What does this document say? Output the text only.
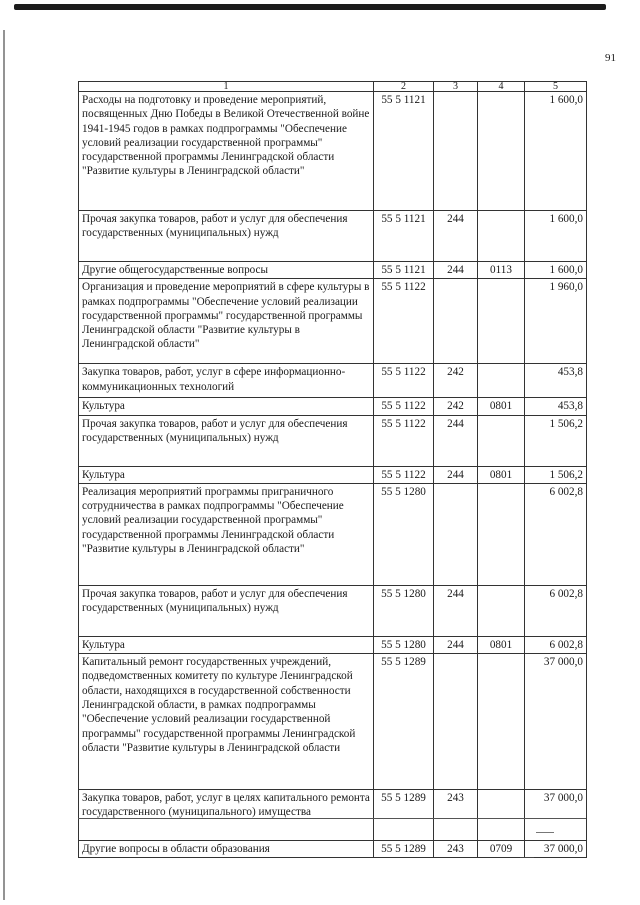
91
1	2	3	4	5
Расходы на подготовку и проведение мероприятий, посвященных Дню Победы в Великой Отечественной войне 1941-1945 годов в рамках подпрограммы "Обеспечение условий реализации государственной программы" государственной программы Ленинградской области "Развитие культуры в Ленинградской области"	55 5 1121			1 600,0
Прочая закупка товаров, работ и услуг для обеспечения государственных (муниципальных) нужд	55 5 1121	244		1 600,0
Другие общегосударственные вопросы	55 5 1121	244	0113	1 600,0
Организация и проведение мероприятий в сфере культуры в рамках подпрограммы "Обеспечение условий реализации государственной программы" государственной программы Ленинградской области "Развитие культуры в Ленинградской области"	55 5 1122			1 960,0
Закупка товаров, работ, услуг в сфере информационно-коммуникационных технологий	55 5 1122	242		453,8
Культура	55 5 1122	242	0801	453,8
Прочая закупка товаров, работ и услуг для обеспечения государственных (муниципальных) нужд	55 5 1122	244		1 506,2
Культура	55 5 1122	244	0801	1 506,2
Реализация мероприятий программы приграничного сотрудничества в рамках подпрограммы "Обеспечение условий реализации государственной программы" государственной программы Ленинградской области "Развитие культуры в Ленинградской области"	55 5 1280			6 002,8
Прочая закупка товаров, работ и услуг для обеспечения государственных (муниципальных) нужд	55 5 1280	244		6 002,8
Культура	55 5 1280	244	0801	6 002,8
Капитальный ремонт государственных учреждений, подведомственных комитету по культуре Ленинградской области, находящихся в государственной собственности Ленинградской области, в рамках подпрограммы "Обеспечение условий реализации государственной программы" государственной программы Ленинградской области "Развитие культуры в Ленинградской области	55 5 1289			37 000,0
Закупка товаров, работ, услуг в целях капитального ремонта государственного (муниципального) имущества	55 5 1289	243		37 000,0
Другие вопросы в области образования	55 5 1289	243	0709	37 000,0
